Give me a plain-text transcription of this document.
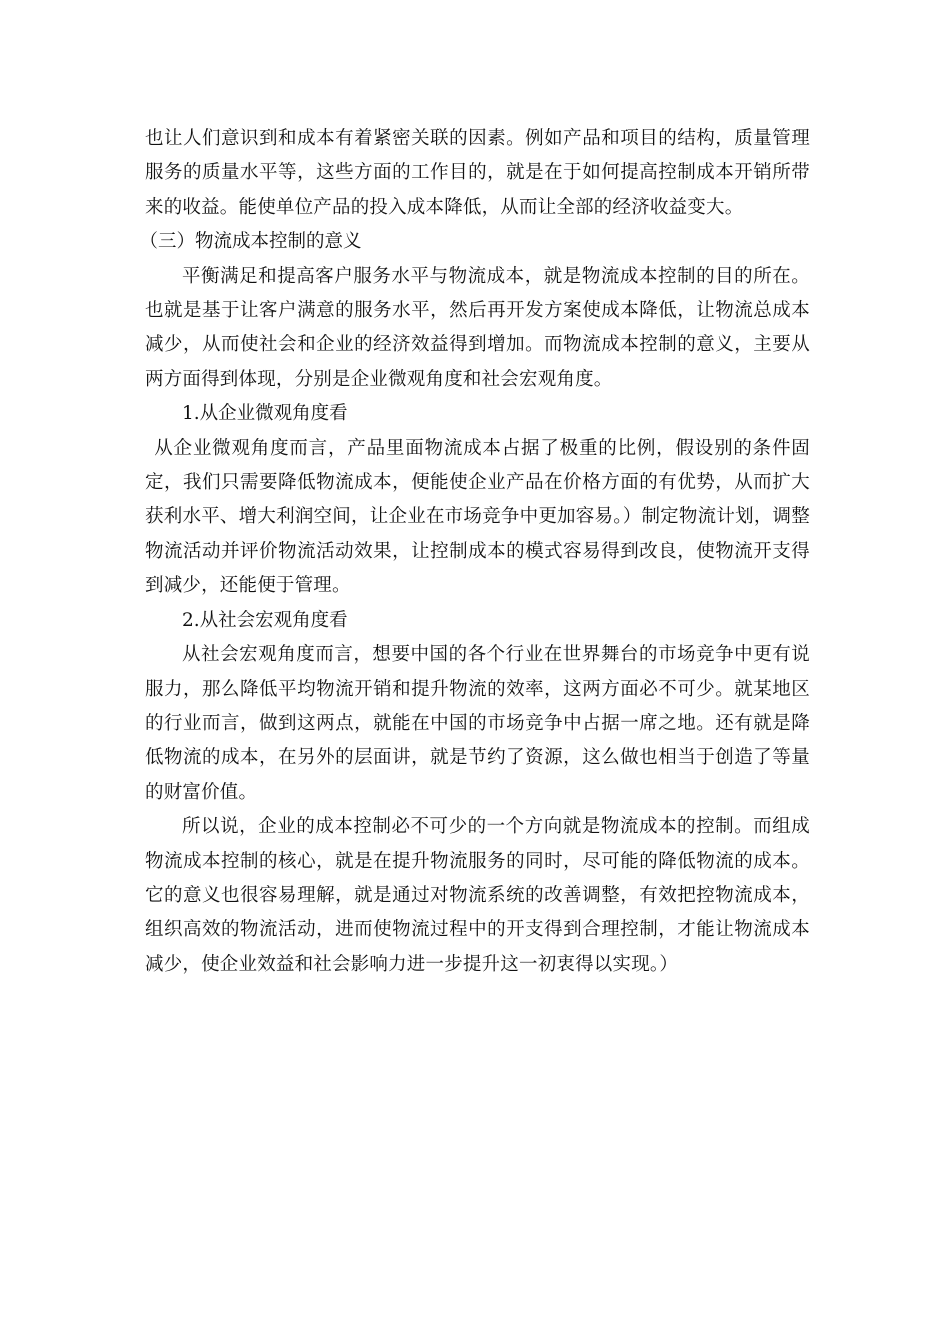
也让人们意识到和成本有着紧密关联的因素。例如产品和项目的结构，质量管理服务的质量水平等，这些方面的工作目的，就是在于如何提高控制成本开销所带来的收益。能使单位产品的投入成本降低，从而让全部的经济收益变大。

（三）物流成本控制的意义

平衡满足和提高客户服务水平与物流成本，就是物流成本控制的目的所在。也就是基于让客户满意的服务水平，然后再开发方案使成本降低，让物流总成本减少，从而使社会和企业的经济效益得到增加。而物流成本控制的意义，主要从两方面得到体现，分别是企业微观角度和社会宏观角度。

1.从企业微观角度看

从企业微观角度而言，产品里面物流成本占据了极重的比例，假设别的条件固定，我们只需要降低物流成本，便能使企业产品在价格方面的有优势，从而扩大获利水平、增大利润空间，让企业在市场竞争中更加容易。）制定物流计划，调整物流活动并评价物流活动效果，让控制成本的模式容易得到改良，使物流开支得到减少，还能便于管理。

2.从社会宏观角度看

从社会宏观角度而言，想要中国的各个行业在世界舞台的市场竞争中更有说服力，那么降低平均物流开销和提升物流的效率，这两方面必不可少。就某地区的行业而言，做到这两点，就能在中国的市场竞争中占据一席之地。还有就是降低物流的成本，在另外的层面讲，就是节约了资源，这么做也相当于创造了等量的财富价值。

所以说，企业的成本控制必不可少的一个方向就是物流成本的控制。而组成物流成本控制的核心，就是在提升物流服务的同时，尽可能的降低物流的成本。它的意义也很容易理解，就是通过对物流系统的改善调整，有效把控物流成本，组织高效的物流活动，进而使物流过程中的开支得到合理控制，才能让物流成本减少，使企业效益和社会影响力进一步提升这一初衷得以实现。）
